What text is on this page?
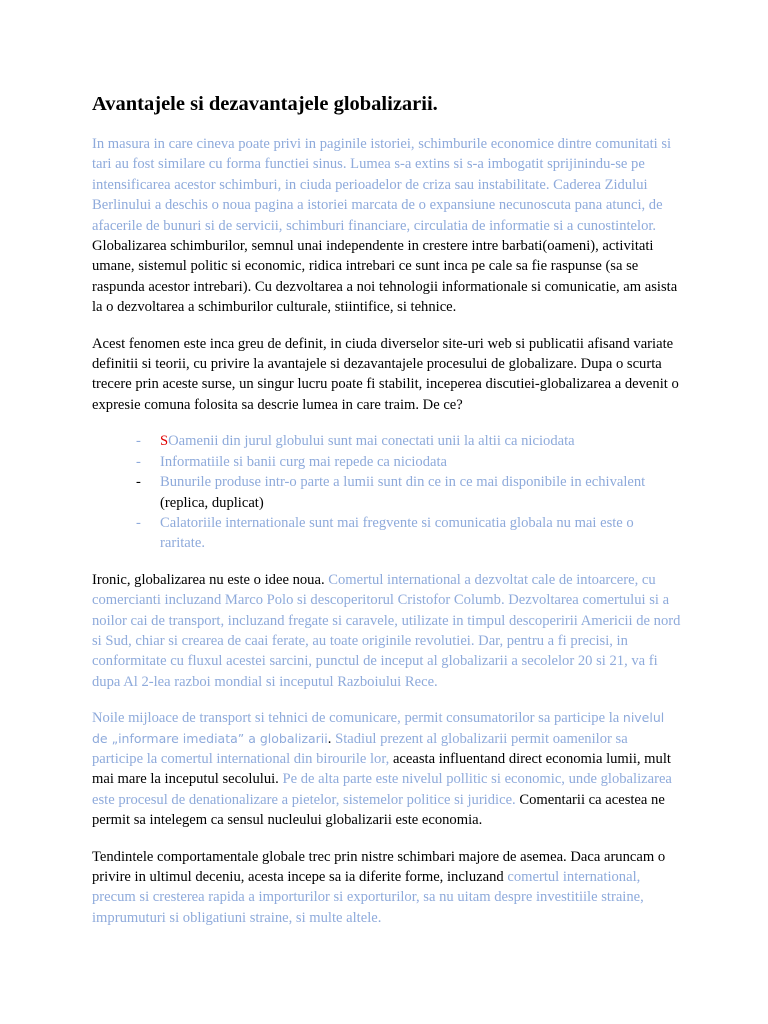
Avantajele si dezavantajele globalizarii.

In masura in care cineva poate privi in paginile istoriei, schimburile economice dintre comunitati si tari au fost similare cu forma functiei sinus. Lumea s-a extins si s-a imbogatit sprijinindu-se pe intensificarea acestor schimburi, in ciuda perioadelor de criza sau instabilitate. Caderea Zidului Berlinului a deschis o noua pagina a istoriei marcata de o expansiune necunoscuta pana atunci, de afacerile de bunuri si de servicii, schimburi financiare, circulatia de informatie si a cunostintelor. Globalizarea schimburilor, semnul unai independente in crestere intre barbati(oameni), activitati umane, sistemul politic si economic, ridica intrebari ce sunt inca pe cale sa fie raspunse (sa se raspunda acestor intrebari). Cu dezvoltarea a noi tehnologii informationale si comunicatie, am asista la o dezvoltarea a schimburilor culturale, stiintifice, si tehnice.

Acest fenomen este inca greu de definit, in ciuda diverselor site-uri web si publicatii afisand variate definitii si teorii, cu privire la avantajele si dezavantajele procesului de globalizare. Dupa o scurta trecere prin aceste surse, un singur lucru poate fi stabilit, inceperea discutiei-globalizarea a devenit o expresie comuna folosita sa descrie lumea in care traim. De ce?

- SOamenii din jurul globului sunt mai conectati unii la altii ca niciodata
- Informatiile si banii curg mai repede ca niciodata
- Bunurile produse intr-o parte a lumii sunt din ce in ce mai disponibile in echivalent (replica, duplicat)
- Calatoriile internationale sunt mai fregvente si comunicatia globala nu mai este o raritate.

Ironic, globalizarea nu este o idee noua. Comertul international a dezvoltat cale de intoarcere, cu comercianti incluzand Marco Polo si descoperitorul Cristofor Columb. Dezvoltarea comertului si a noilor cai de transport, incluzand fregate si caravele, utilizate in timpul descoperirii Americii de nord si Sud, chiar si crearea de caai ferate, au toate originile revolutiei. Dar, pentru a fi precisi, in conformitate cu fluxul acestei sarcini, punctul de inceput al globalizarii a secolelor 20 si 21, va fi dupa Al 2-lea razboi mondial si inceputul Razboiului Rece.

Noile mijloace de transport si tehnici de comunicare, permit consumatorilor sa participe la nivelul de „informare imediata” a globalizarii. Stadiul prezent al globalizarii permit oamenilor sa participe la comertul international din birourile lor, aceasta influentand direct economia lumii, mult mai mare la inceputul secolului. Pe de alta parte este nivelul pollitic si economic, unde globalizarea este procesul de denationalizare a pietelor, sistemelor politice si juridice. Comentarii ca acestea ne permit sa intelegem ca sensul nucleului globalizarii este economia.

Tendintele comportamentale globale trec prin nistre schimbari majore de asemea. Daca aruncam o privire in ultimul deceniu, acesta incepe sa ia diferite forme, incluzand comertul international, precum si cresterea rapida a importurilor si exporturilor, sa nu uitam despre investitiile straine, imprumuturi si obligatiuni straine, si multe altele.
